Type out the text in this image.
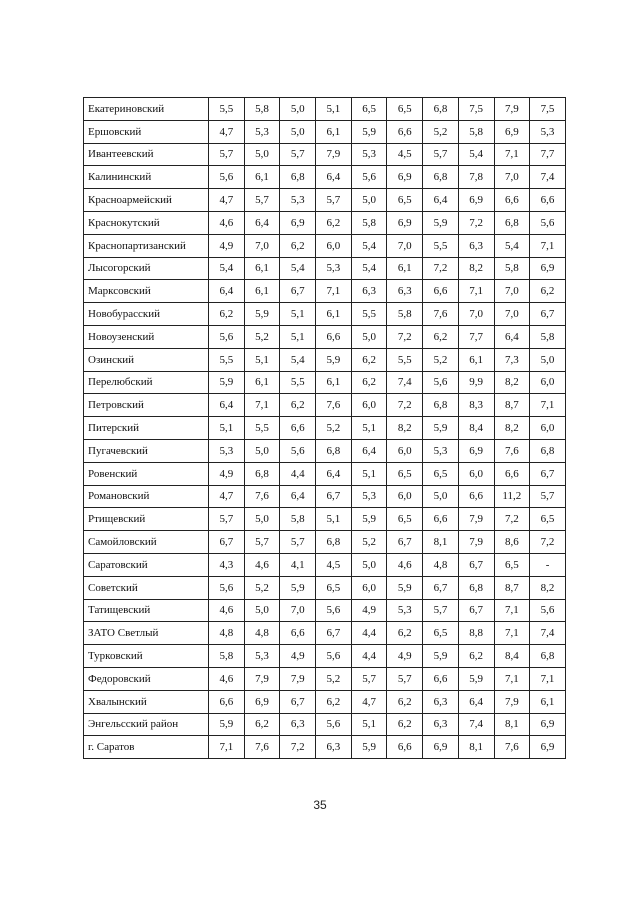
Екатериновский	5,5	5,8	5,0	5,1	6,5	6,5	6,8	7,5	7,9	7,5
Ершовский	4,7	5,3	5,0	6,1	5,9	6,6	5,2	5,8	6,9	5,3
Ивантеевский	5,7	5,0	5,7	7,9	5,3	4,5	5,7	5,4	7,1	7,7
Калининский	5,6	6,1	6,8	6,4	5,6	6,9	6,8	7,8	7,0	7,4
Красноармейский	4,7	5,7	5,3	5,7	5,0	6,5	6,4	6,9	6,6	6,6
Краснокутский	4,6	6,4	6,9	6,2	5,8	6,9	5,9	7,2	6,8	5,6
Краснопартизанский	4,9	7,0	6,2	6,0	5,4	7,0	5,5	6,3	5,4	7,1
Лысогорский	5,4	6,1	5,4	5,3	5,4	6,1	7,2	8,2	5,8	6,9
Марксовский	6,4	6,1	6,7	7,1	6,3	6,3	6,6	7,1	7,0	6,2
Новобурасский	6,2	5,9	5,1	6,1	5,5	5,8	7,6	7,0	7,0	6,7
Новоузенский	5,6	5,2	5,1	6,6	5,0	7,2	6,2	7,7	6,4	5,8
Озинский	5,5	5,1	5,4	5,9	6,2	5,5	5,2	6,1	7,3	5,0
Перелюбский	5,9	6,1	5,5	6,1	6,2	7,4	5,6	9,9	8,2	6,0
Петровский	6,4	7,1	6,2	7,6	6,0	7,2	6,8	8,3	8,7	7,1
Питерский	5,1	5,5	6,6	5,2	5,1	8,2	5,9	8,4	8,2	6,0
Пугачевский	5,3	5,0	5,6	6,8	6,4	6,0	5,3	6,9	7,6	6,8
Ровенский	4,9	6,8	4,4	6,4	5,1	6,5	6,5	6,0	6,6	6,7
Романовский	4,7	7,6	6,4	6,7	5,3	6,0	5,0	6,6	11,2	5,7
Ртищевский	5,7	5,0	5,8	5,1	5,9	6,5	6,6	7,9	7,2	6,5
Самойловский	6,7	5,7	5,7	6,8	5,2	6,7	8,1	7,9	8,6	7,2
Саратовский	4,3	4,6	4,1	4,5	5,0	4,6	4,8	6,7	6,5	-
Советский	5,6	5,2	5,9	6,5	6,0	5,9	6,7	6,8	8,7	8,2
Татищевский	4,6	5,0	7,0	5,6	4,9	5,3	5,7	6,7	7,1	5,6
ЗАТО Светлый	4,8	4,8	6,6	6,7	4,4	6,2	6,5	8,8	7,1	7,4
Турковский	5,8	5,3	4,9	5,6	4,4	4,9	5,9	6,2	8,4	6,8
Федоровский	4,6	7,9	7,9	5,2	5,7	5,7	6,6	5,9	7,1	7,1
Хвалынский	6,6	6,9	6,7	6,2	4,7	6,2	6,3	6,4	7,9	6,1
Энгельсский район	5,9	6,2	6,3	5,6	5,1	6,2	6,3	7,4	8,1	6,9
г. Саратов	7,1	7,6	7,2	6,3	5,9	6,6	6,9	8,1	7,6	6,9
35
